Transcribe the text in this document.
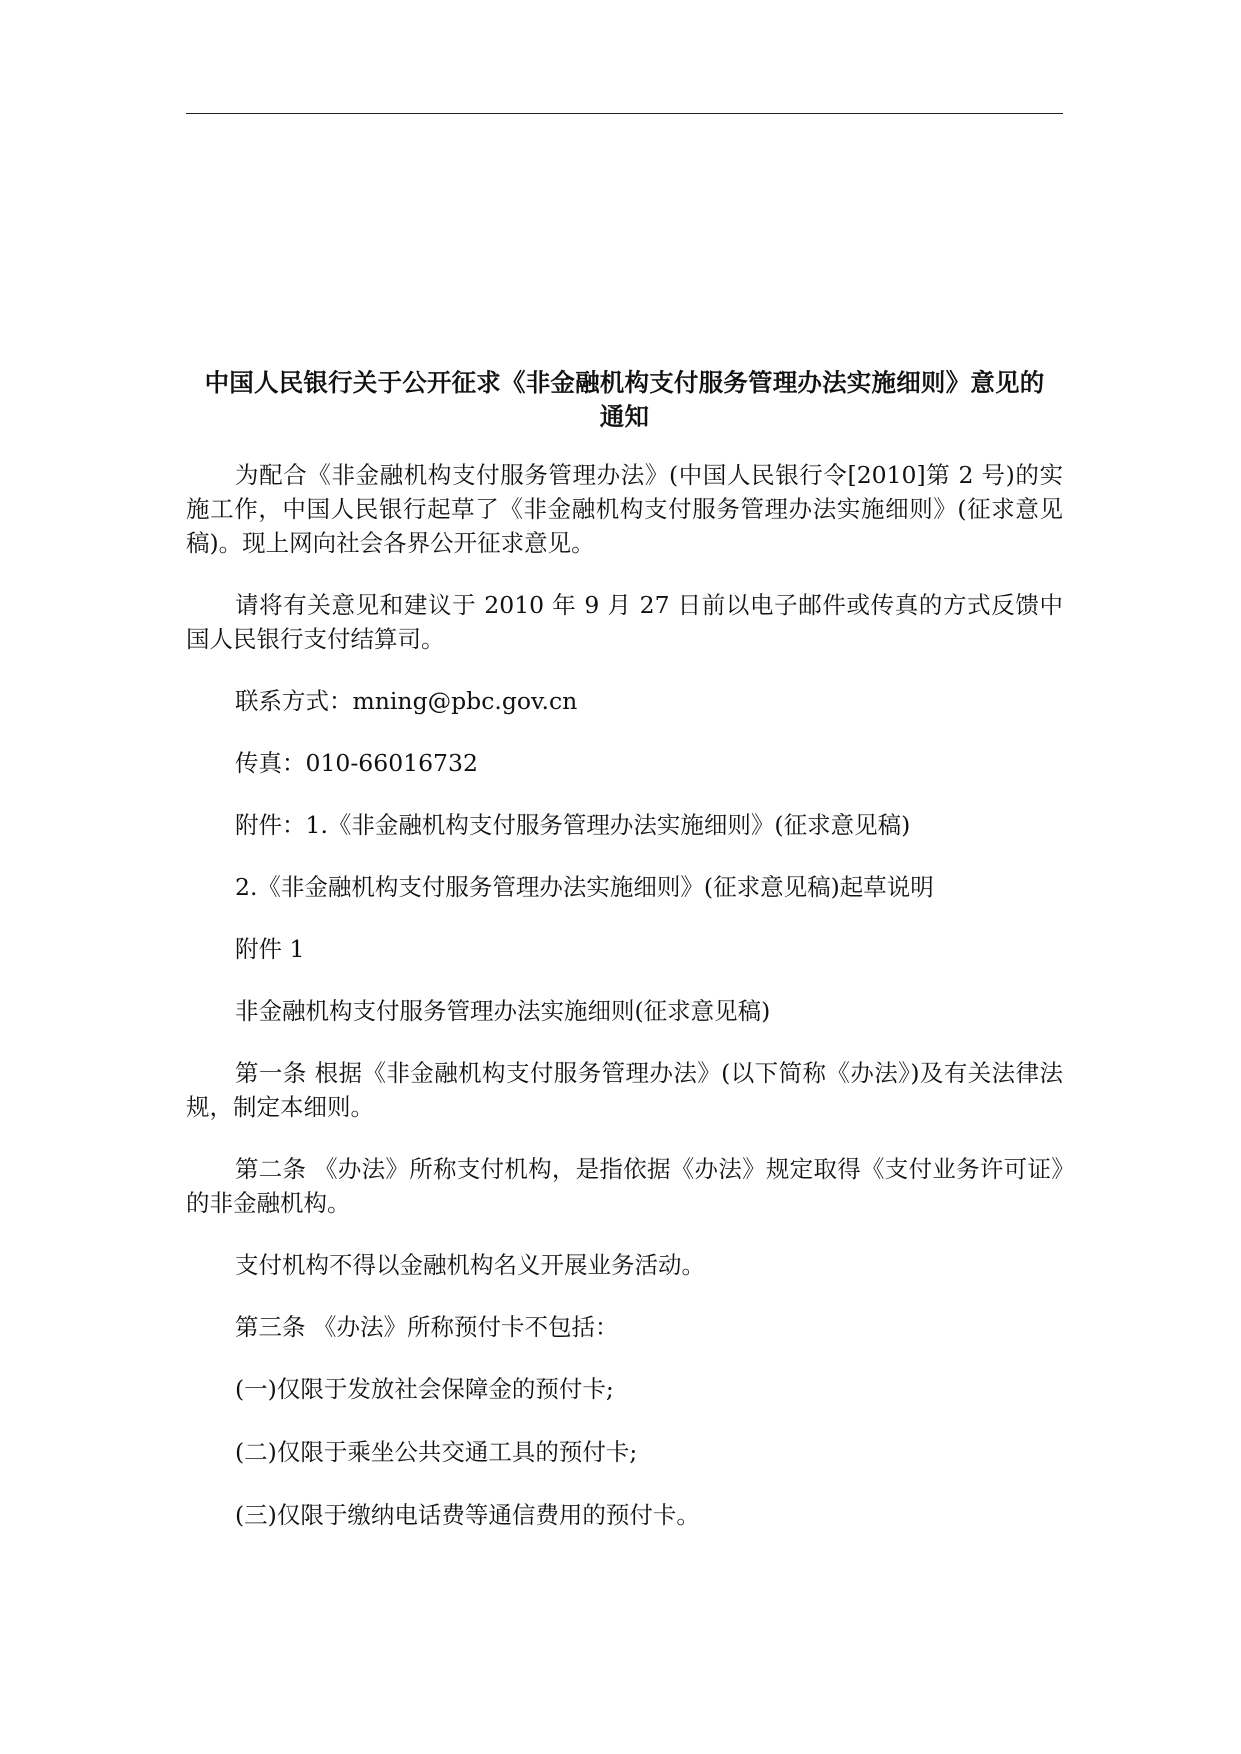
中国人民银行关于公开征求《非金融机构支付服务管理办法实施细则》意见的
通知

为配合《非金融机构支付服务管理办法》(中国人民银行令[2010]第 2 号)的实施工作，中国人民银行起草了《非金融机构支付服务管理办法实施细则》(征求意见稿)。现上网向社会各界公开征求意见。

请将有关意见和建议于 2010 年 9 月 27 日前以电子邮件或传真的方式反馈中国人民银行支付结算司。

联系方式：mning@pbc.gov.cn

传真：010-66016732

附件：1.《非金融机构支付服务管理办法实施细则》(征求意见稿)

2.《非金融机构支付服务管理办法实施细则》(征求意见稿)起草说明

附件 1

非金融机构支付服务管理办法实施细则(征求意见稿)

第一条 根据《非金融机构支付服务管理办法》(以下简称《办法》)及有关法律法规，制定本细则。

第二条 《办法》所称支付机构，是指依据《办法》规定取得《支付业务许可证》的非金融机构。

支付机构不得以金融机构名义开展业务活动。

第三条 《办法》所称预付卡不包括：

(一)仅限于发放社会保障金的预付卡;

(二)仅限于乘坐公共交通工具的预付卡;

(三)仅限于缴纳电话费等通信费用的预付卡。
